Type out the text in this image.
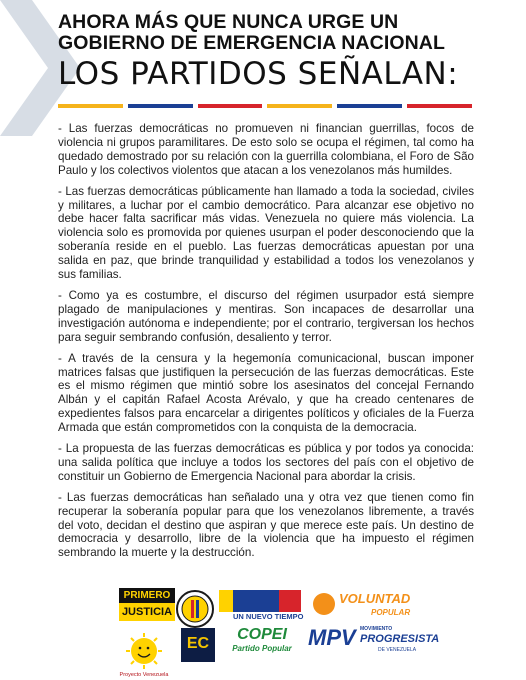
AHORA MÁS QUE NUNCA URGE UN
GOBIERNO DE EMERGENCIA NACIONAL
LOS PARTIDOS SEÑALAN:

- Las fuerzas democráticas no promueven ni financian guerrillas, focos de violencia ni grupos paramilitares. De esto solo se ocupa el régimen, tal como ha quedado demostrado por su relación con la guerrilla colombiana, el Foro de São Paulo y los colectivos violentos que atacan a los venezolanos más humildes.

- Las fuerzas democráticas públicamente han llamado a toda la sociedad, civiles y militares, a luchar por el cambio democrático. Para alcanzar ese objetivo no debe hacer falta sacrificar más vidas. Venezuela no quiere más violencia. La violencia solo es promovida por quienes usurpan el poder desconociendo que la soberanía reside en el pueblo. Las fuerzas democráticas apuestan por una salida en paz, que brinde tranquilidad y estabilidad a todos los venezolanos y sus familias.

- Como ya es costumbre, el discurso del régimen usurpador está siempre plagado de manipulaciones y mentiras. Son incapaces de desarrollar una investigación autónoma e independiente; por el contrario, tergiversan los hechos para seguir sembrando confusión, desaliento y terror.

- A través de la censura y la hegemonía comunicacional, buscan imponer matrices falsas que justifiquen la persecución de las fuerzas democráticas. Este es el mismo régimen que mintió sobre los asesinatos del concejal Fernando Albán y el capitán Rafael Acosta Arévalo, y que ha creado centenares de expedientes falsos para encarcelar a dirigentes políticos y oficiales de la Fuerza Armada que están comprometidos con la conquista de la democracia.

- La propuesta de las fuerzas democráticas es pública y por todos ya conocida: una salida política que incluye a todos los sectores del país con el objetivo de constituir un Gobierno de Emergencia Nacional para abordar la crisis.

- Las fuerzas democráticas han señalado una y otra vez que tienen como fin recuperar la soberanía popular para que los venezolanos libremente, a través del voto, decidan el destino que aspiran y que merece este país. Un destino de democracia y desarrollo, libre de la violencia que ha impuesto el régimen sembrando la muerte y la destrucción.

PRIMERO
JUSTICIA	UN NUEVO TIEMPO
VOLUNTAD
POPULAR
Proyecto Venezuela
EC
COPEI
Partido Popular MPV MOVIMIENTO
PROGRESISTA
DE VENEZUELA
